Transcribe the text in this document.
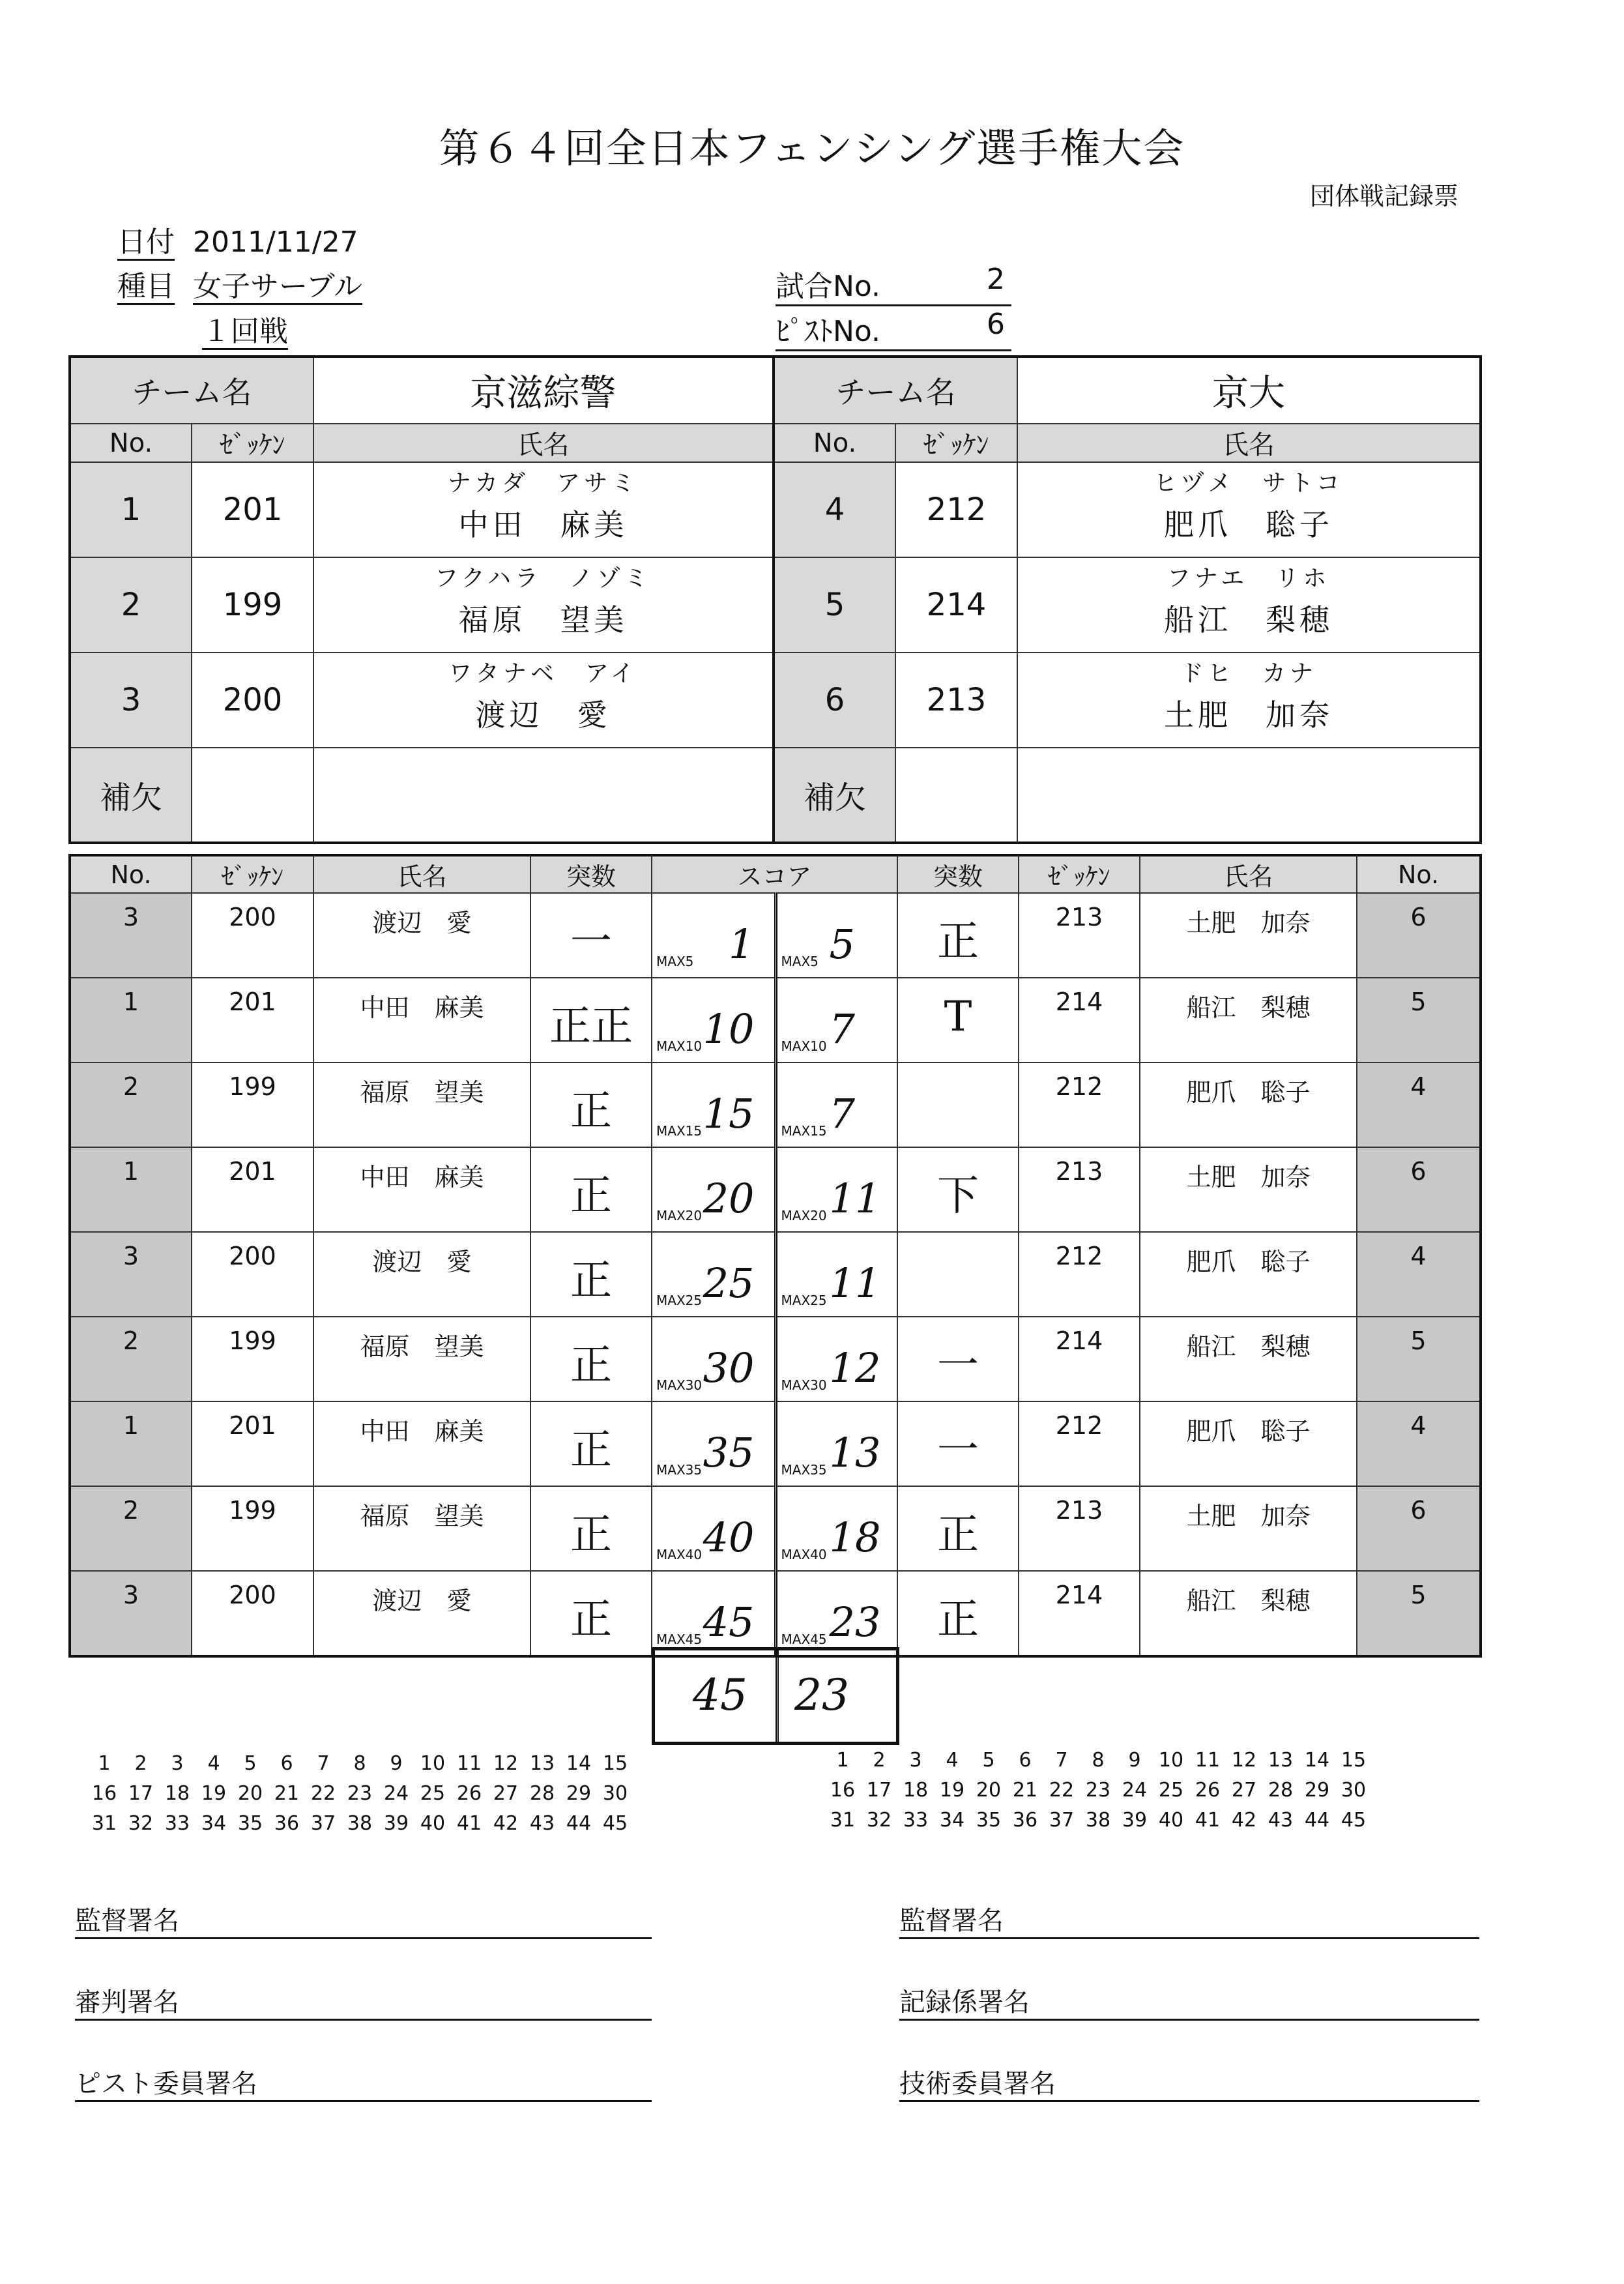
第６４回全日本フェンシング選手権大会
団体戦記録票
日付 2011/11/27
種目 女子サーブル
１回戦
試合No.	2
ﾋﾟｽﾄNo.	6
チーム名		京滋綜警
No.	ｾﾞｯｹﾝ	氏名
1	201	ナカダ　アサミ
中田　麻美

2	199	フクハラ　ノゾミ
福原　望美

3	200	ワタナベ　アイ
渡辺　愛

補欠		
チーム名		京大
No.	ｾﾞｯｹﾝ	氏名
4	212	ヒヅメ　サトコ
肥爪　聡子

5	214	フナエ　リホ
船江　梨穂

6	213	ドヒ　カナ
土肥　加奈

補欠		
No.	ｾﾞｯｹﾝ	氏名	突数	スコア		突数	ｾﾞｯｹﾝ	氏名	No.
3	200	渡辺　愛	一	MAX5 1	MAX5 5	正	213	土肥　加奈	6
1	201	中田　麻美	正正	MAX10 10	MAX10 7	T	214	船江　梨穂	5
2	199	福原　望美	正	MAX15 15	MAX15 7		212	肥爪　聡子	4
1	201	中田　麻美	正	MAX20 20	MAX20 11	下	213	土肥　加奈	6
3	200	渡辺　愛	正	MAX25 25	MAX25 11		212	肥爪　聡子	4
2	199	福原　望美	正	MAX30 30	MAX30 12	一	214	船江　梨穂	5
1	201	中田　麻美	正	MAX35 35	MAX35 13	一	212	肥爪　聡子	4
2	199	福原　望美	正	MAX40 40	MAX40 18	正	213	土肥　加奈	6
3	200	渡辺　愛	正	MAX45 45	MAX45 23	正	214	船江　梨穂	5
45 23
1 2 3 4 5 6 7 8 9 10 11 12 13 14 15
16 17 18 19 20 21 22 23 24 25 26 27 28 29 30
31 32 33 34 35 36 37 38 39 40 41 42 43 44 45
1 2 3 4 5 6 7 8 9 10 11 12 13 14 15
16 17 18 19 20 21 22 23 24 25 26 27 28 29 30
31 32 33 34 35 36 37 38 39 40 41 42 43 44 45
監督署名
審判署名
ピスト委員署名
監督署名
記録係署名
技術委員署名
